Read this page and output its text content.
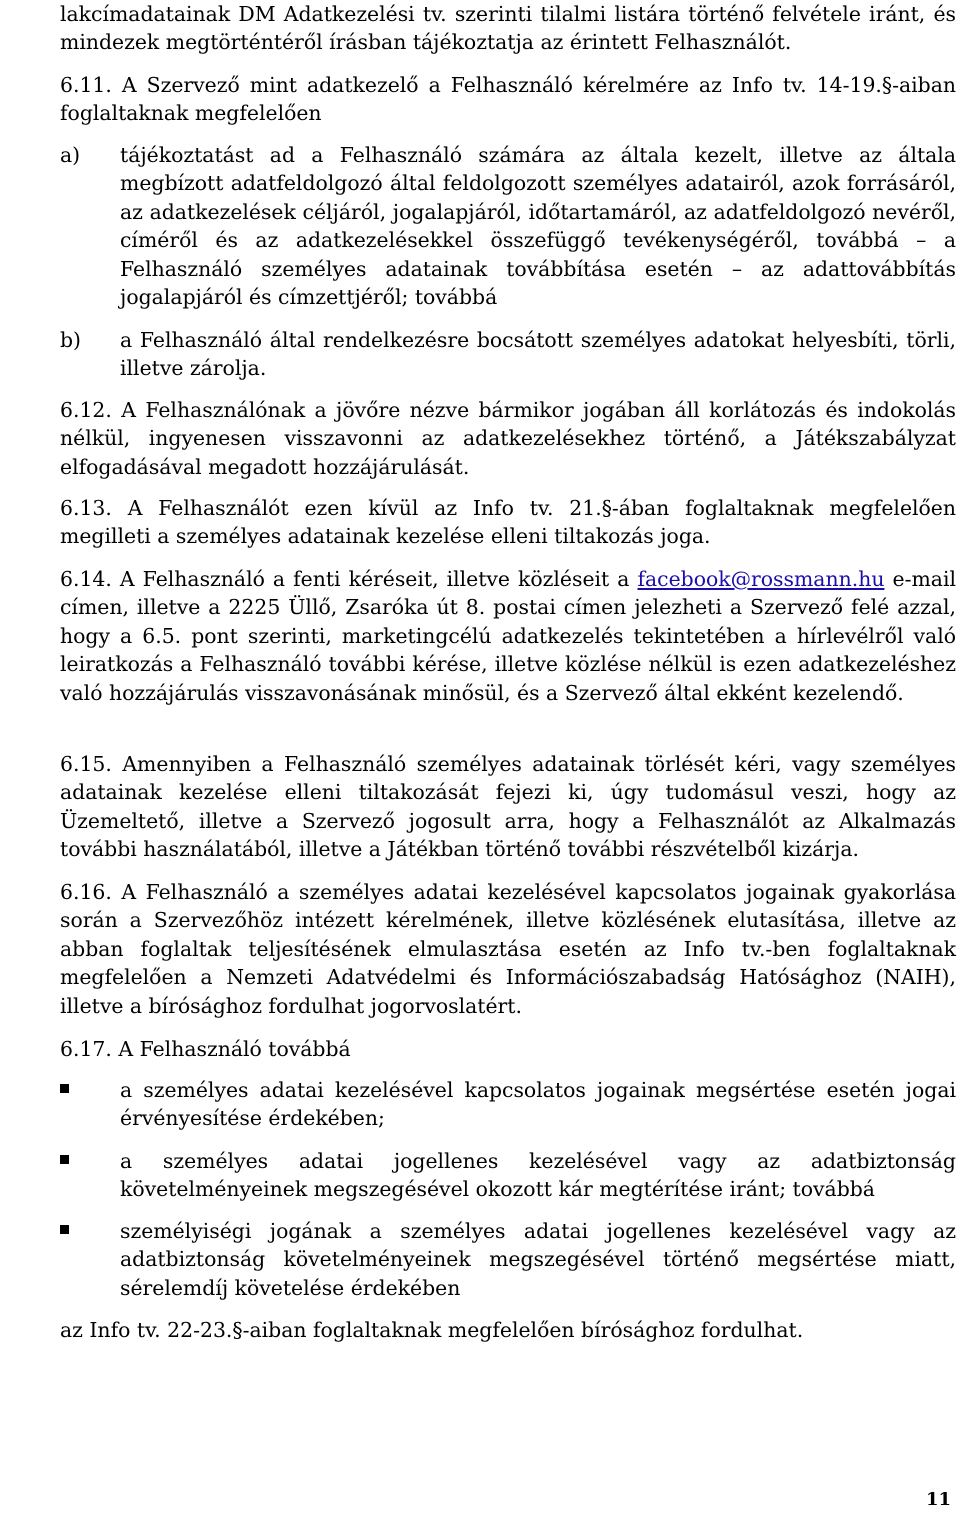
lakcímadatainak DM Adatkezelési tv. szerinti tilalmi listára történő felvétele iránt, és mindezek megtörténtéről írásban tájékoztatja az érintett Felhasználót.

6.11. A Szervező mint adatkezelő a Felhasználó kérelmére az Info tv. 14-19.§-aiban foglaltaknak megfelelően

a) tájékoztatást ad a Felhasználó számára az általa kezelt, illetve az általa megbízott adatfeldolgozó által feldolgozott személyes adatairól, azok forrásáról, az adatkezelések céljáról, jogalapjáról, időtartamáról, az adatfeldolgozó nevéről, címéről és az adatkezelésekkel összefüggő tevékenységéről, továbbá – a Felhasználó személyes adatainak továbbítása esetén – az adattovábbítás jogalapjáról és címzettjéről; továbbá

b) a Felhasználó által rendelkezésre bocsátott személyes adatokat helyesbíti, törli, illetve zárolja.

6.12. A Felhasználónak a jövőre nézve bármikor jogában áll korlátozás és indokolás nélkül, ingyenesen visszavonni az adatkezelésekhez történő, a Játékszabályzat elfogadásával megadott hozzájárulását.

6.13. A Felhasználót ezen kívül az Info tv. 21.§-ában foglaltaknak megfelelően megilleti a személyes adatainak kezelése elleni tiltakozás joga.

6.14. A Felhasználó a fenti kéréseit, illetve közléseit a facebook@rossmann.hu e-mail címen, illetve a 2225 Üllő, Zsaróka út 8. postai címen jelezheti a Szervező felé azzal, hogy a 6.5. pont szerinti, marketingcélú adatkezelés tekintetében a hírlevélről való leiratkozás a Felhasználó további kérése, illetve közlése nélkül is ezen adatkezeléshez való hozzájárulás visszavonásának minősül, és a Szervező által ekként kezelendő.

6.15. Amennyiben a Felhasználó személyes adatainak törlését kéri, vagy személyes adatainak kezelése elleni tiltakozását fejezi ki, úgy tudomásul veszi, hogy az Üzemeltető, illetve a Szervező jogosult arra, hogy a Felhasználót az Alkalmazás további használatából, illetve a Játékban történő további részvételből kizárja.

6.16. A Felhasználó a személyes adatai kezelésével kapcsolatos jogainak gyakorlása során a Szervezőhöz intézett kérelmének, illetve közlésének elutasítása, illetve az abban foglaltak teljesítésének elmulasztása esetén az Info tv.-ben foglaltaknak megfelelően a Nemzeti Adatvédelmi és Információszabadság Hatósághoz (NAIH), illetve a bírósághoz fordulhat jogorvoslatért.

6.17. A Felhasználó továbbá

a személyes adatai kezelésével kapcsolatos jogainak megsértése esetén jogai érvényesítése érdekében;

a személyes adatai jogellenes kezelésével vagy az adatbiztonság követelményeinek megszegésével okozott kár megtérítése iránt; továbbá

személyiségi jogának a személyes adatai jogellenes kezelésével vagy az adatbiztonság követelményeinek megszegésével történő megsértése miatt, sérelemdíj követelése érdekében

az Info tv. 22-23.§-aiban foglaltaknak megfelelően bírósághoz fordulhat.

11
